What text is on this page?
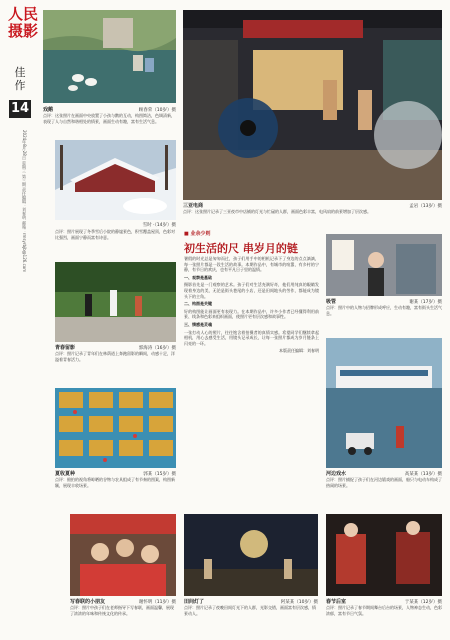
人民
摄影
佳作
14
2024年8月28日 星期三 第三期 责任编辑：刘春明 邮箱：rmsyrbjb@126.com
戏鹅	顾春荣（10岁）摄
点评：这张照片在画面中央放置了小孩与鹅的互动，构图简洁，色调清新，表现了人与自然和谐相处的情景，画面生动有趣，富有生活气息。
雪时 ·（14岁）摄
点评：照片展现了冬季雪后小院的静谧景色，积雪覆盖屋顶，色彩对比强烈，画面宁静而富有诗意。
三亚电商	孟岩（13岁）摄
点评：这张照片记录了三亚夜市中店铺的灯光与忙碌的人群，画面色彩丰富，电风扇的前景增加了层次感。
■ 业余少则
初生活的尺 串岁月的链

暑假的时光总是匆匆而过，孩子们用手中的相机记录下了身边的点点滴滴，每一张照片都是一段生活的故事。本期作品中，有城市的喧嚣，有乡村的宁静，有节日的欢庆，也有平凡日子里的温情。

一、观察是基础

摄影首先是一门观察的艺术。孩子们对生活充满好奇，他们用纯真的眼睛发现着身边的美，无论是街头巷尾的小店，还是田间地头的劳作，都能成为镜头下的主角。

二、构图是关键

好的构图能让画面更有表现力。在本期作品中，许多小作者已经懂得利用前景、线条和色彩来组织画面，使照片更有层次感和故事性。

三、情感是灵魂

一张打动人心的照片，往往饱含着拍摄者的真情实感。希望同学们继续拿起相机，用心去感受生活，用镜头记录成长，让每一张照片都成为岁月链条上闪亮的一环。

本版责任编辑：刘春明

青春留影	郭海涛（16岁）摄
点评：照片记录了青年们在林荫道上奔跑留影的瞬间，动感十足，洋溢着青春活力。
夏收夏种	郭某（15岁）摄
点评：俯拍的视角将晾晒的谷物与农具组成了有节奏的图案，构图新颖，展现丰收场景。
吸管	谢某（17岁）摄
点评：照片中的人物与招牌形成呼应，生动有趣，富有街头生活气息。
河边戏水	高某某（13岁）摄
点评：照片捕捉了孩子们在河边嬉戏的画面，船只与电动车构成了热闹的场景。
写春联的小朋友	谢怀明（11岁）摄
点评：照片中孩子们在老师指导下写春联，画面温馨，展现了浓浓的年味和传统文化的传承。
田间灯了	阿某某（10岁）摄
点评：照片记录了夜晚田间灯光下的人群，光影交错，画面富有层次感，情景动人。
春节后室	于某某（12岁）摄
点评：照片记录了春节期间舞台后台的场景，人物神态生动，色彩浓郁，富有节日气氛。
